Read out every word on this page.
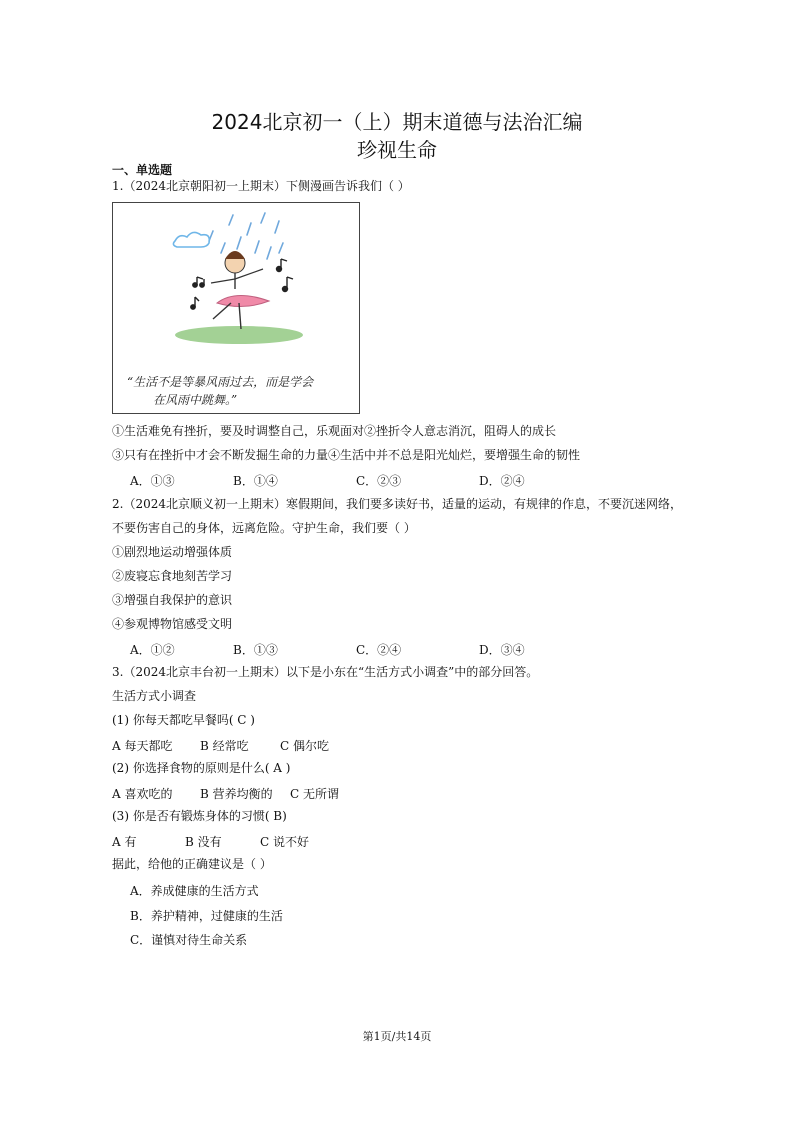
2024北京初一（上）期末道德与法治汇编
珍视生命
一、单选题
1.（2024北京朝阳初一上期末）下侧漫画告诉我们（ ）
“生活不是等暴风雨过去，而是学会
在风雨中跳舞。”
①生活难免有挫折，要及时调整自己，乐观面对②挫折令人意志消沉，阻碍人的成长
③只有在挫折中才会不断发掘生命的力量④生活中并不总是阳光灿烂，要增强生命的韧性
A．①③	B．①④	C．②③	D．②④
2.（2024北京顺义初一上期末）寒假期间，我们要多读好书，适量的运动，有规律的作息，不要沉迷网络，
不要伤害自己的身体，远离危险。守护生命，我们要（ ）
①剧烈地运动增强体质
②废寝忘食地刻苦学习
③增强自我保护的意识
④参观博物馆感受文明
A．①②	B．①③	C．②④	D．③④
3.（2024北京丰台初一上期末）以下是小东在“生活方式小调查”中的部分回答。
生活方式小调查
(1) 你每天都吃早餐吗( C )
A 每天都吃 B 经常吃	C 偶尔吃
(2) 你选择食物的原则是什么( A )
A 喜欢吃的 B 营养均衡的 C 无所谓
(3) 你是否有锻炼身体的习惯( B)
A 有	B 没有	C 说不好
据此，给他的正确建议是（ ）
A．养成健康的生活方式
B．养护精神，过健康的生活
C．谨慎对待生命关系
第1页/共14页
